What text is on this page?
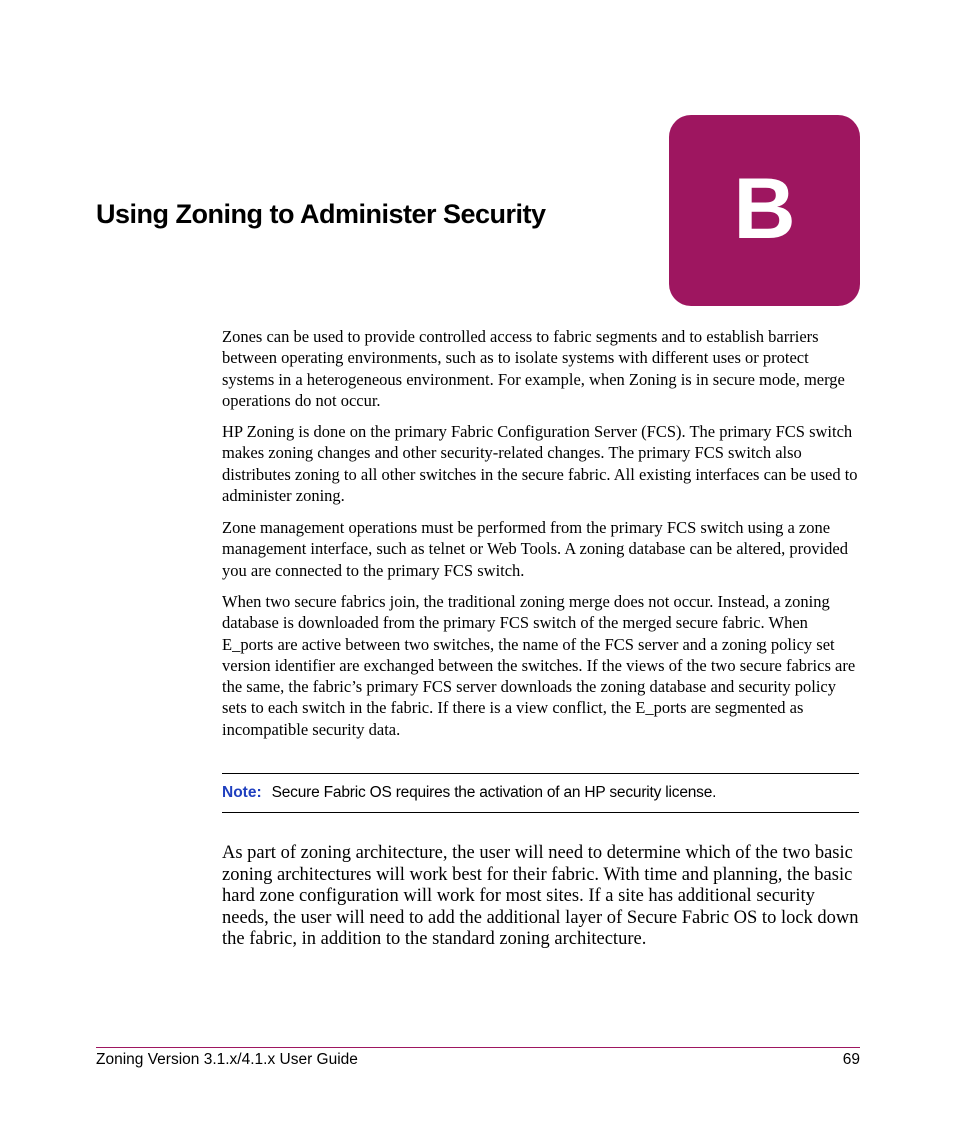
Using Zoning to Administer Security B

Zones can be used to provide controlled access to fabric segments and to establish barriers between operating environments, such as to isolate systems with different uses or protect systems in a heterogeneous environment. For example, when Zoning is in secure mode, merge operations do not occur.

HP Zoning is done on the primary Fabric Configuration Server (FCS). The primary FCS switch makes zoning changes and other security-related changes. The primary FCS switch also distributes zoning to all other switches in the secure fabric. All existing interfaces can be used to administer zoning.

Zone management operations must be performed from the primary FCS switch using a zone management interface, such as telnet or Web Tools. A zoning database can be altered, provided you are connected to the primary FCS switch.

When two secure fabrics join, the traditional zoning merge does not occur. Instead, a zoning database is downloaded from the primary FCS switch of the merged secure fabric. When E_ports are active between two switches, the name of the FCS server and a zoning policy set version identifier are exchanged between the switches. If the views of the two secure fabrics are the same, the fabric’s primary FCS server downloads the zoning database and security policy sets to each switch in the fabric. If there is a view conflict, the E_ports are segmented as incompatible security data.

Note: Secure Fabric OS requires the activation of an HP security license.

As part of zoning architecture, the user will need to determine which of the two basic zoning architectures will work best for their fabric. With time and planning, the basic hard zone configuration will work for most sites. If a site has additional security needs, the user will need to add the additional layer of Secure Fabric OS to lock down the fabric, in addition to the standard zoning architecture.

Zoning Version 3.1.x/4.1.x User Guide	69
